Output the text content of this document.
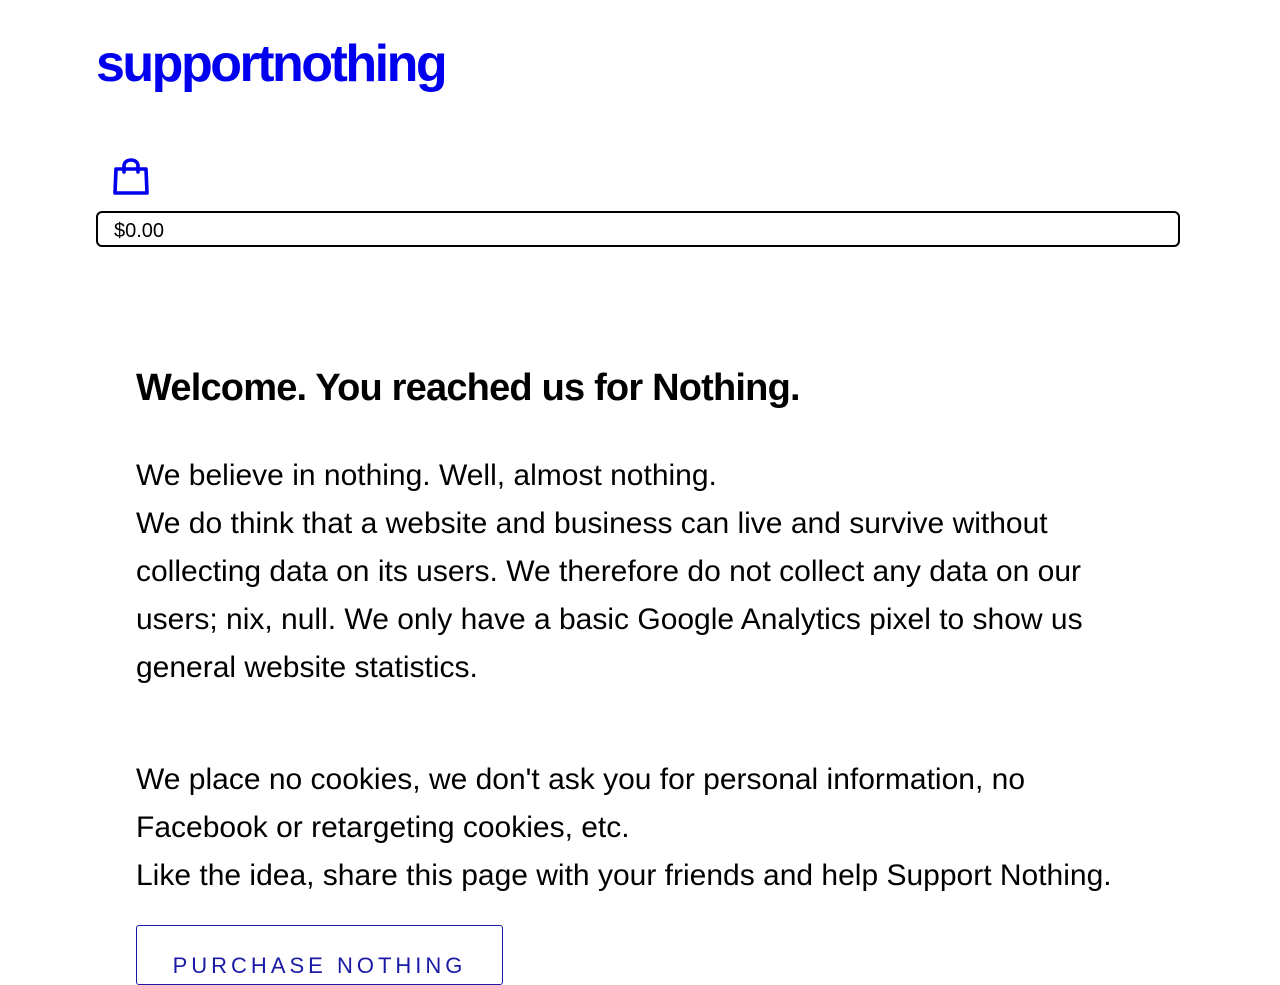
supportnothing
$0.00
PURCHASE NOTHING
Welcome. You reached us for Nothing.

We believe in nothing. Well, almost nothing.

We do think that a website and business can live and survive without collecting data on its users. We therefore do not collect any data on our users; nix, null. We only have a basic Google Analytics pixel to show us general website statistics.

We place no cookies, we don't ask you for personal information, no Facebook or retargeting cookies, etc.

Like the idea, share this page with your friends and help Support Nothing.
